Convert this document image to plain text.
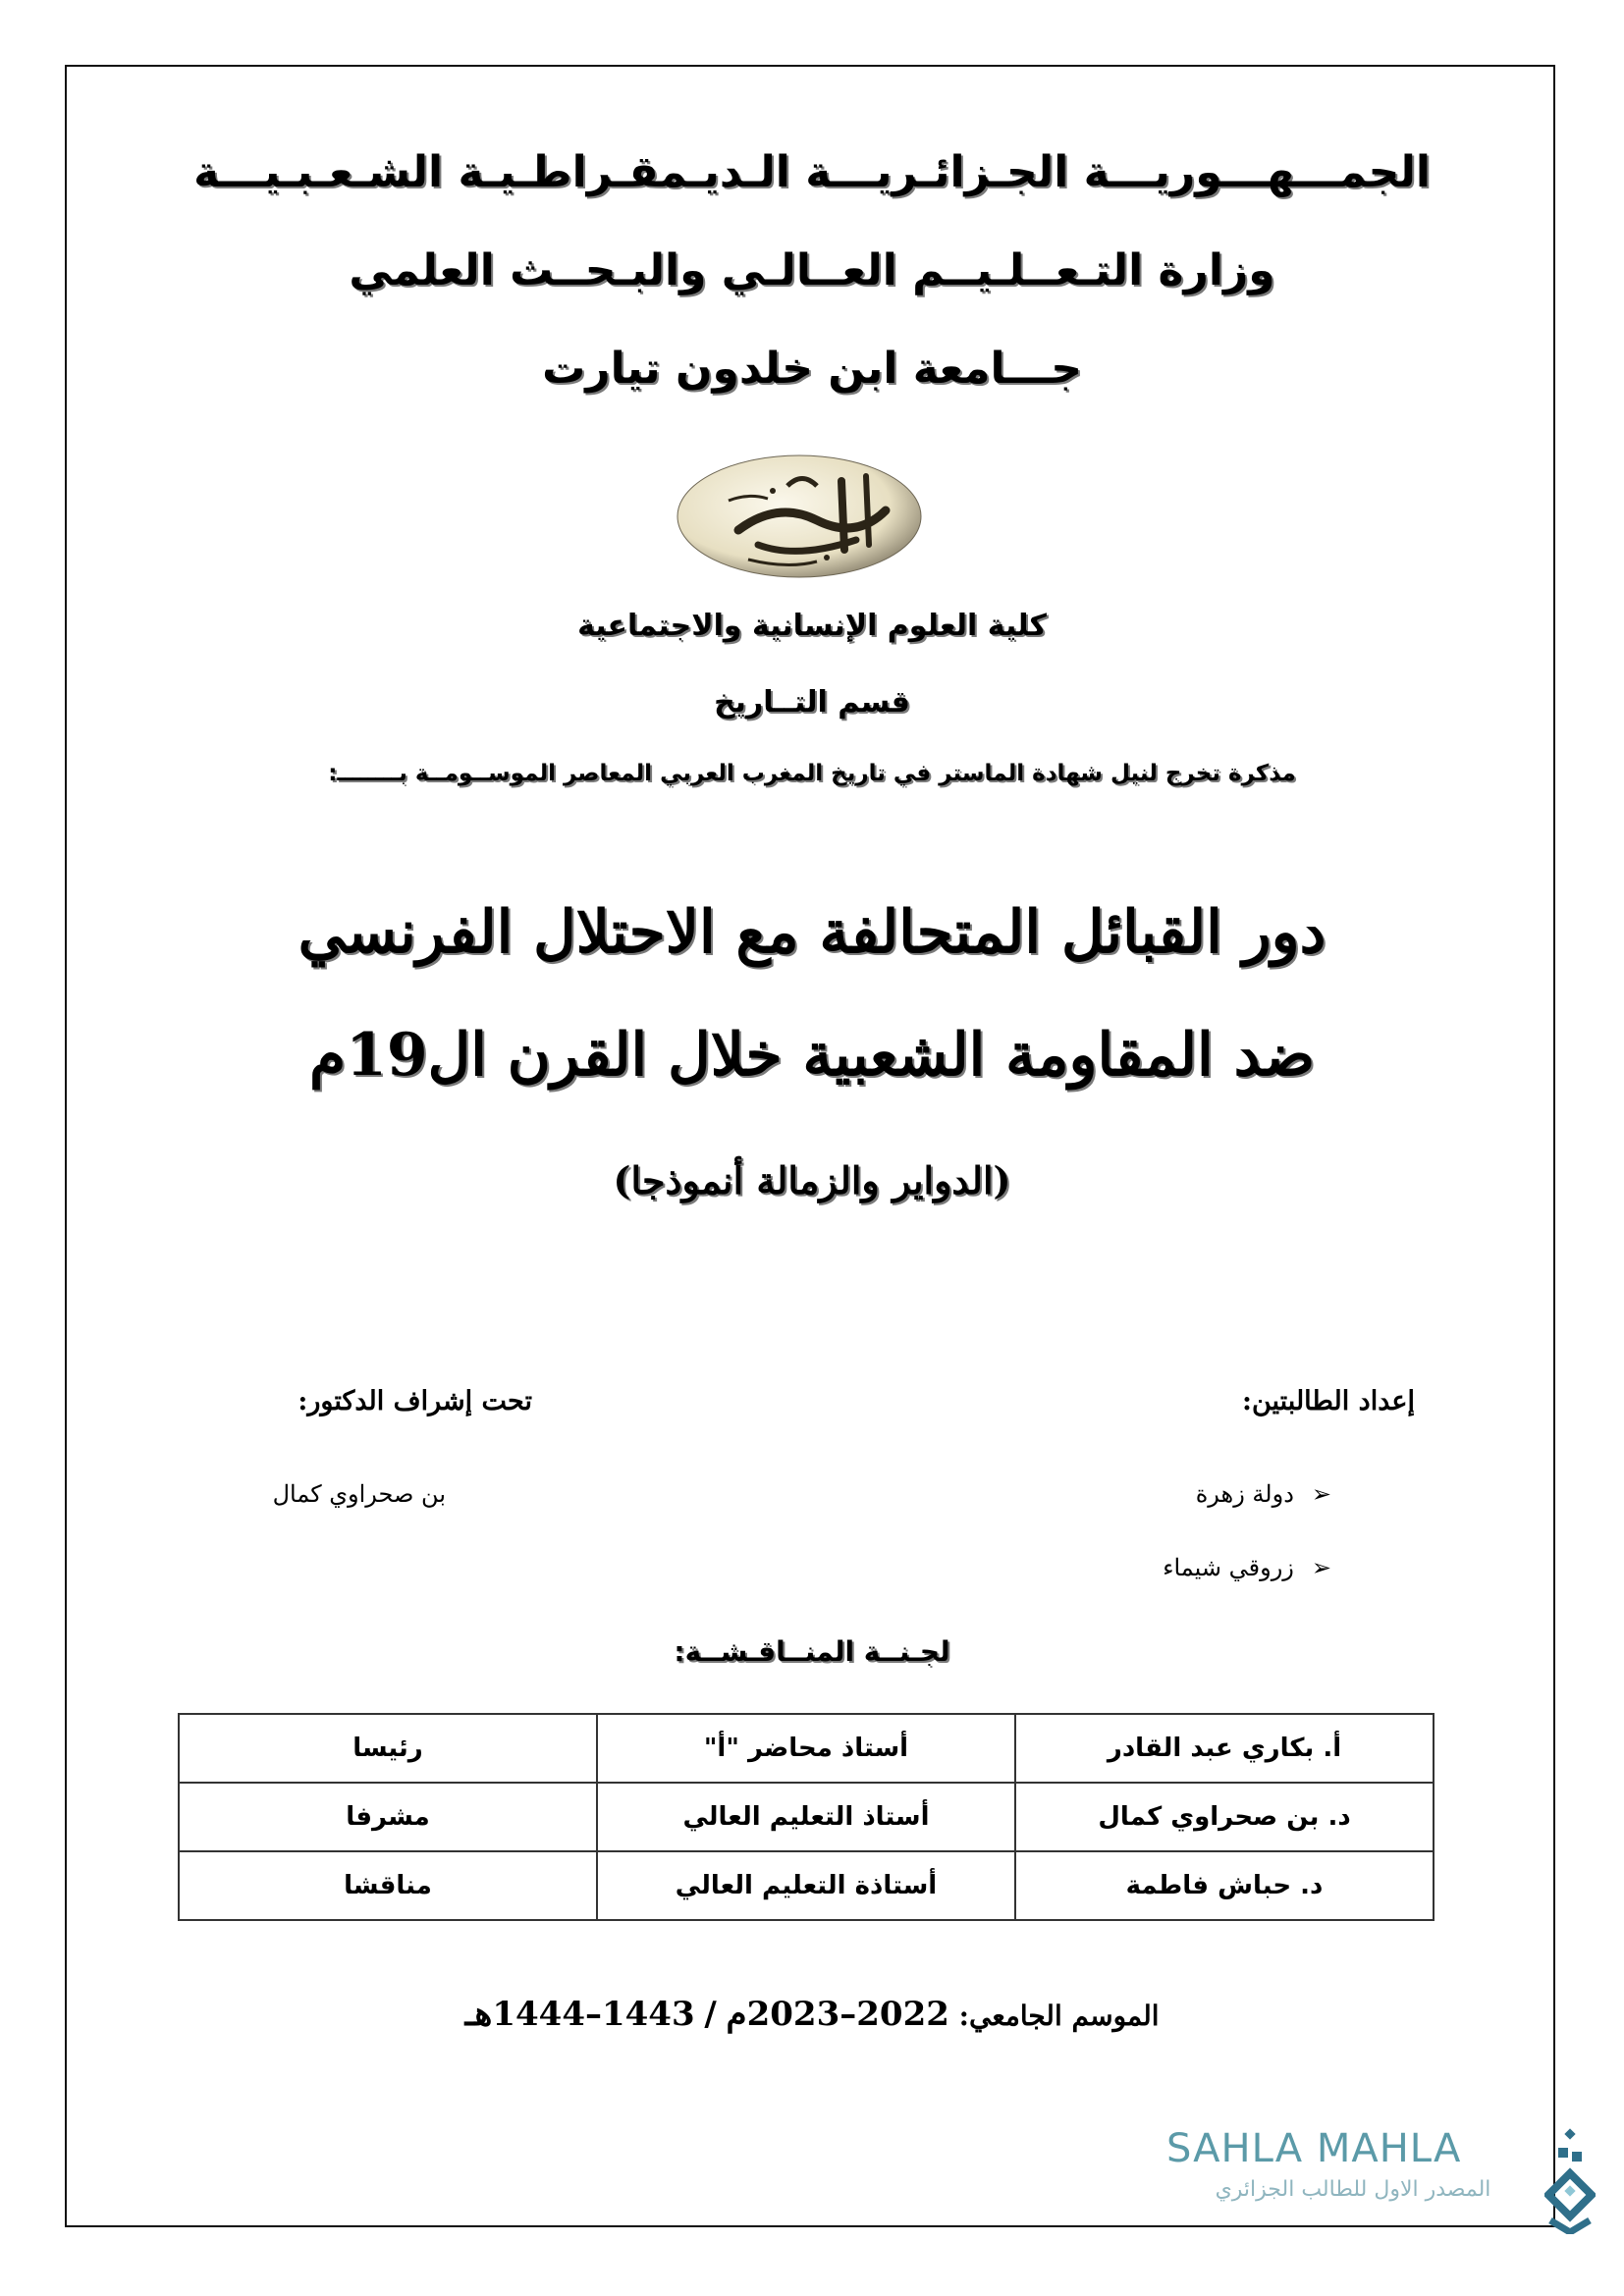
الجمـــهـــوريـــة الجـزائـريـــة الـديـمقـراطـيـة الشـعـبـيـــة
وزارة التـعــلـيــم العــالـي والبـحــث العلمي
جـــامعة ابن خلدون تيارت
كلية العلوم الإنسانية والاجتماعية
قسم التــاريخ
مذكرة تخرج لنيل شهادة الماستر في تاريخ المغرب العربي المعاصر الموســومــة بــــــــ:
دور القبائل المتحالفة مع الاحتلال الفرنسي
ضد المقاومة الشعبية خلال القرن ال19م
(الدواير والزمالة أنموذجا)
إعداد الطالبتين:
تحت إشراف الدكتور:
➢دولة زهرة
➢زروقي شيماء
بن صحراوي كمال
لجـنــة المنــاقـشــة:
أ. بكاري عبد القادر	أستاذ محاضر "أ"	رئيسا
د. بن صحراوي كمال	أستاذ التعليم العالي	مشرفا
د. حباش فاطمة	أستاذة التعليم العالي	مناقشا
الموسم الجامعي: 2022–2023م / 1443–1444هـ
SAHLA MAHLA
المصدر الاول للطالب الجزائري
